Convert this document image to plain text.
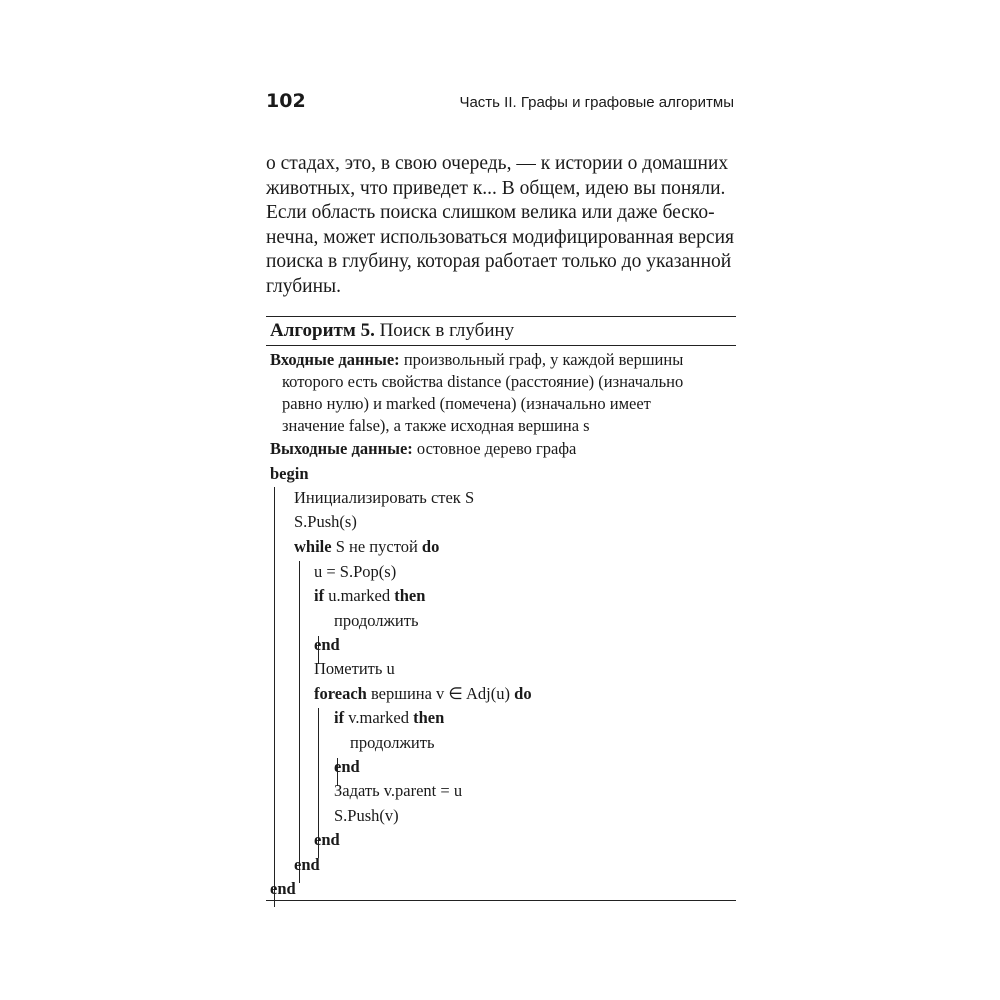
102	Часть II. Графы и графовые алгоритмы
о стадах, это, в свою очередь, — к истории о домашних
животных, что приведет к... В общем, идею вы поняли.
Если область поиска слишком велика или даже беско-
нечна, может использоваться модифицированная версия
поиска в глубину, которая работает только до указанной
глубины.
Алгоритм 5. Поиск в глубину
Входные данные: произвольный граф, у каждой вершины
которого есть свойства distance (расстояние) (изначально
равно нулю) и marked (помечена) (изначально имеет
значение false), а также исходная вершина s
Выходные данные: остовное дерево графа
begin
Инициализировать стек S
S.Push(s)
while S не пустой do
u = S.Pop(s)
if u.marked then
продолжить
end
Пометить u
foreach вершина v ∈ Adj(u) do
if v.marked then
продолжить
end
Задать v.parent = u
S.Push(v)
end
end
end
